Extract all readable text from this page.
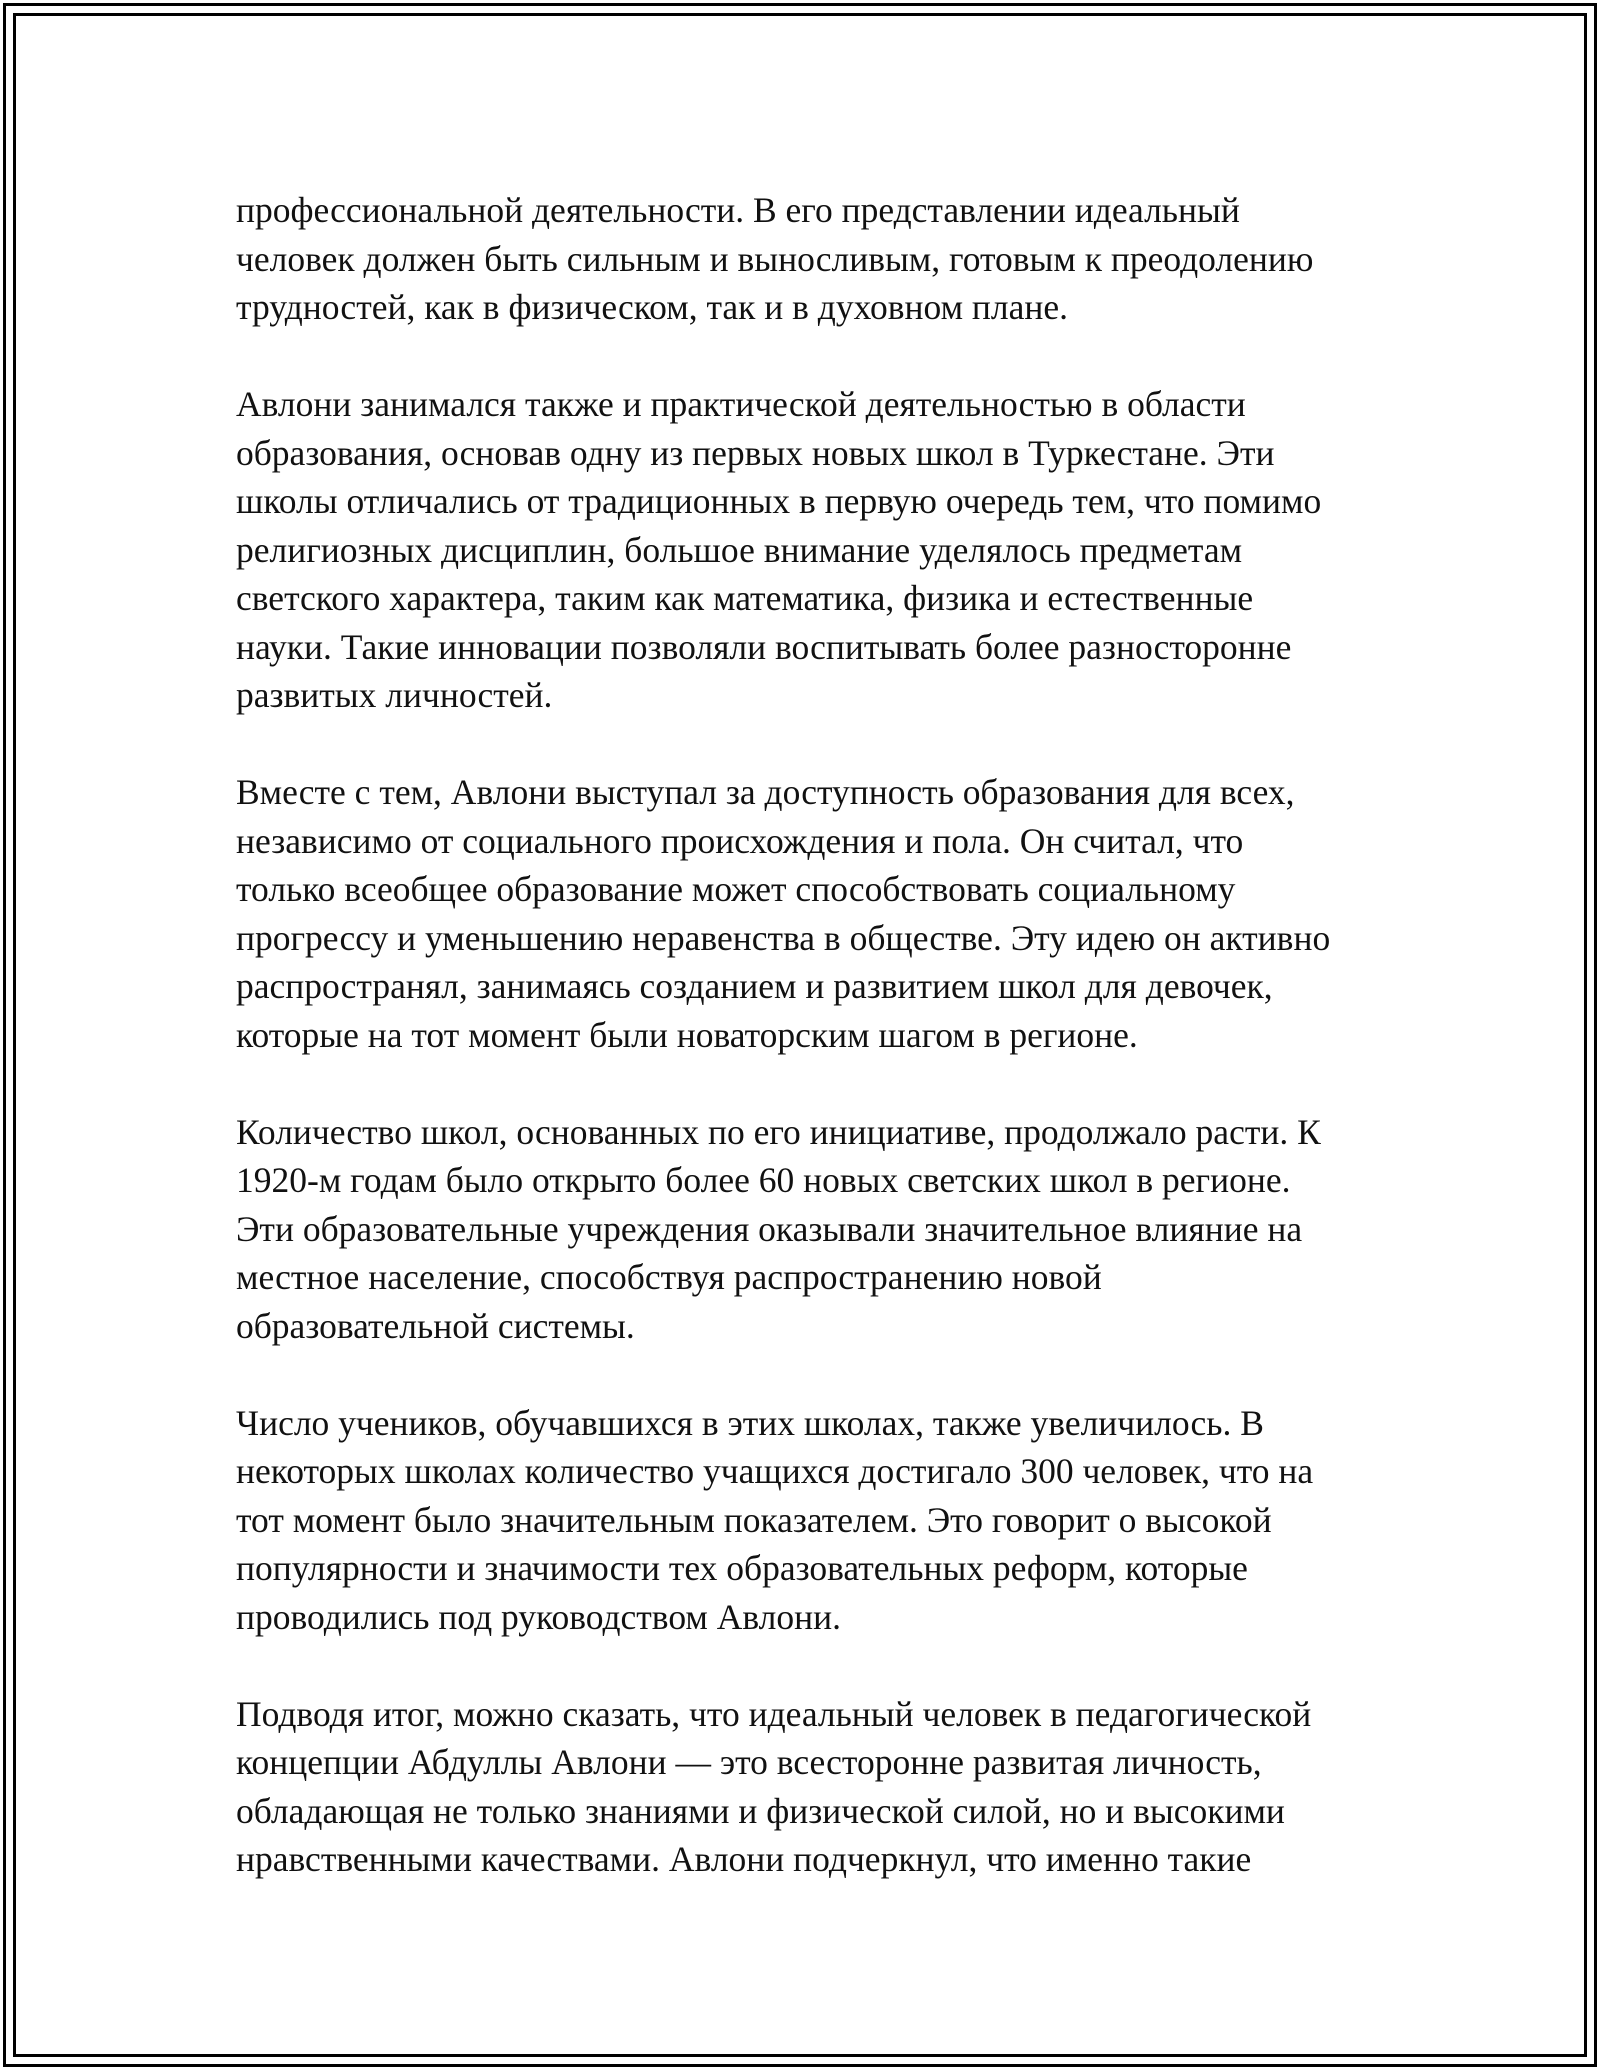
профессиональной деятельности. В его представлении идеальный
человек должен быть сильным и выносливым, готовым к преодолению
трудностей, как в физическом, так и в духовном плане.

Авлони занимался также и практической деятельностью в области
образования, основав одну из первых новых школ в Туркестане. Эти
школы отличались от традиционных в первую очередь тем, что помимо
религиозных дисциплин, большое внимание уделялось предметам
светского характера, таким как математика, физика и естественные
науки. Такие инновации позволяли воспитывать более разносторонне
развитых личностей.

Вместе с тем, Авлони выступал за доступность образования для всех,
независимо от социального происхождения и пола. Он считал, что
только всеобщее образование может способствовать социальному
прогрессу и уменьшению неравенства в обществе. Эту идею он активно
распространял, занимаясь созданием и развитием школ для девочек,
которые на тот момент были новаторским шагом в регионе.

Количество школ, основанных по его инициативе, продолжало расти. К
1920-м годам было открыто более 60 новых светских школ в регионе.
Эти образовательные учреждения оказывали значительное влияние на
местное население, способствуя распространению новой
образовательной системы.

Число учеников, обучавшихся в этих школах, также увеличилось. В
некоторых школах количество учащихся достигало 300 человек, что на
тот момент было значительным показателем. Это говорит о высокой
популярности и значимости тех образовательных реформ, которые
проводились под руководством Авлони.

Подводя итог, можно сказать, что идеальный человек в педагогической
концепции Абдуллы Авлони — это всесторонне развитая личность,
обладающая не только знаниями и физической силой, но и высокими
нравственными качествами. Авлони подчеркнул, что именно такие
